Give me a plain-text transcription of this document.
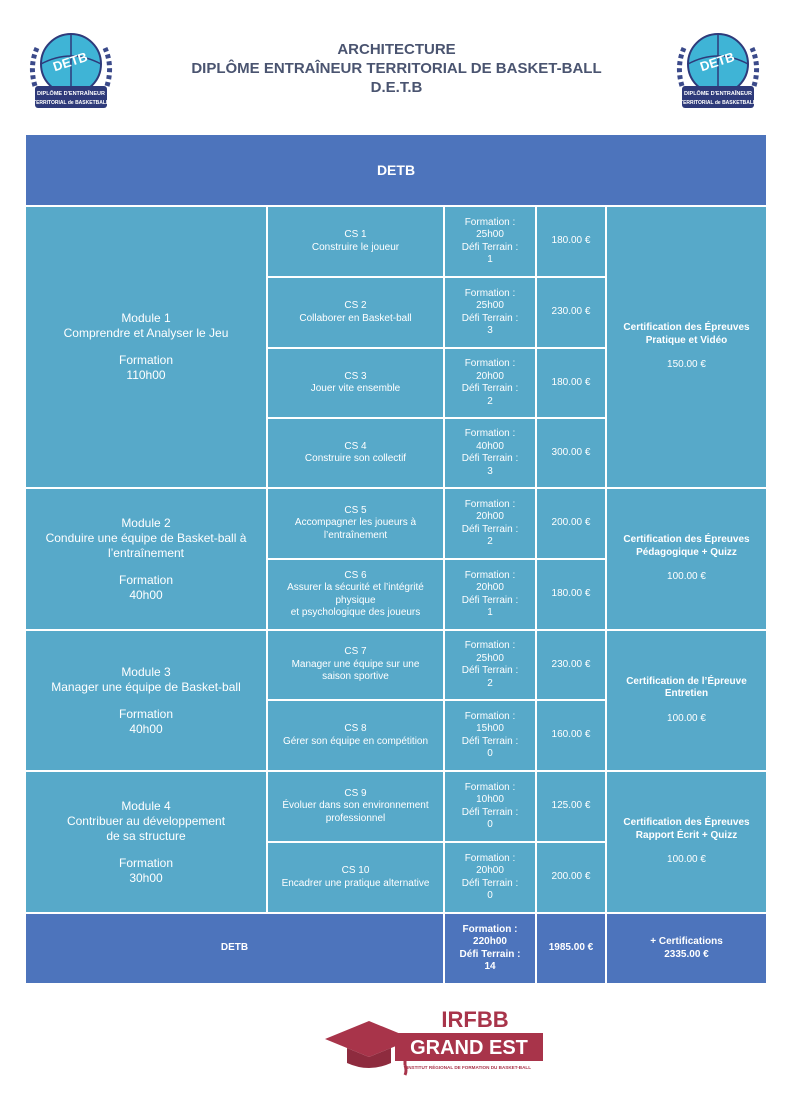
ARCHITECTURE
DIPLÔME ENTRAÎNEUR TERRITORIAL DE BASKET-BALL
D.E.T.B
DETB
DIPLÔME D'ENTRAÎNEUR
TERRITORIAL de BASKETBALL
DETB
DIPLÔME D'ENTRAÎNEUR
TERRITORIAL de BASKETBALL
DETB
Module 1
Comprendre et Analyser le Jeu
Formation
110h00
Module 2
Conduire une équipe de Basket-ball à l’entraînement
Formation
40h00
Module 3
Manager une équipe de Basket-ball
Formation
40h00
Module 4
Contribuer au développement
de sa structure
Formation
30h00
CS 1
Construire le joueur
Formation :
25h00
Défi Terrain :
1
180.00 €
CS 2
Collaborer en Basket-ball
Formation :
25h00
Défi Terrain :
3
230.00 €
CS 3
Jouer vite ensemble
Formation :
20h00
Défi Terrain :
2
180.00 €
CS 4
Construire son collectif
Formation :
40h00
Défi Terrain :
3
300.00 €
CS 5
Accompagner les joueurs à l’entraînement
Formation :
20h00
Défi Terrain :
2
200.00 €
CS 6
Assurer la sécurité et l’intégrité physique
et psychologique des joueurs
Formation :
20h00
Défi Terrain :
1
180.00 €
CS 7
Manager une équipe sur une saison sportive
Formation :
25h00
Défi Terrain :
2
230.00 €
CS 8
Gérer son équipe en compétition
Formation :
15h00
Défi Terrain :
0
160.00 €
CS 9
Évoluer dans son environnement professionnel
Formation :
10h00
Défi Terrain :
0
125.00 €
CS 10
Encadrer une pratique alternative
Formation :
20h00
Défi Terrain :
0
200.00 €
Certification des Épreuves Pratique et Vidéo
150.00 €
Certification des Épreuves Pédagogique + Quizz
100.00 €
Certification de l’Épreuve Entretien
100.00 €
Certification des Épreuves Rapport Écrit + Quizz
100.00 €
DETB
Formation :
220h00
Défi Terrain :
14
1985.00 €
+ Certifications
2335.00 €
IRFBB
GRAND EST
INSTITUT RÉGIONAL DE FORMATION DU BASKET-BALL
